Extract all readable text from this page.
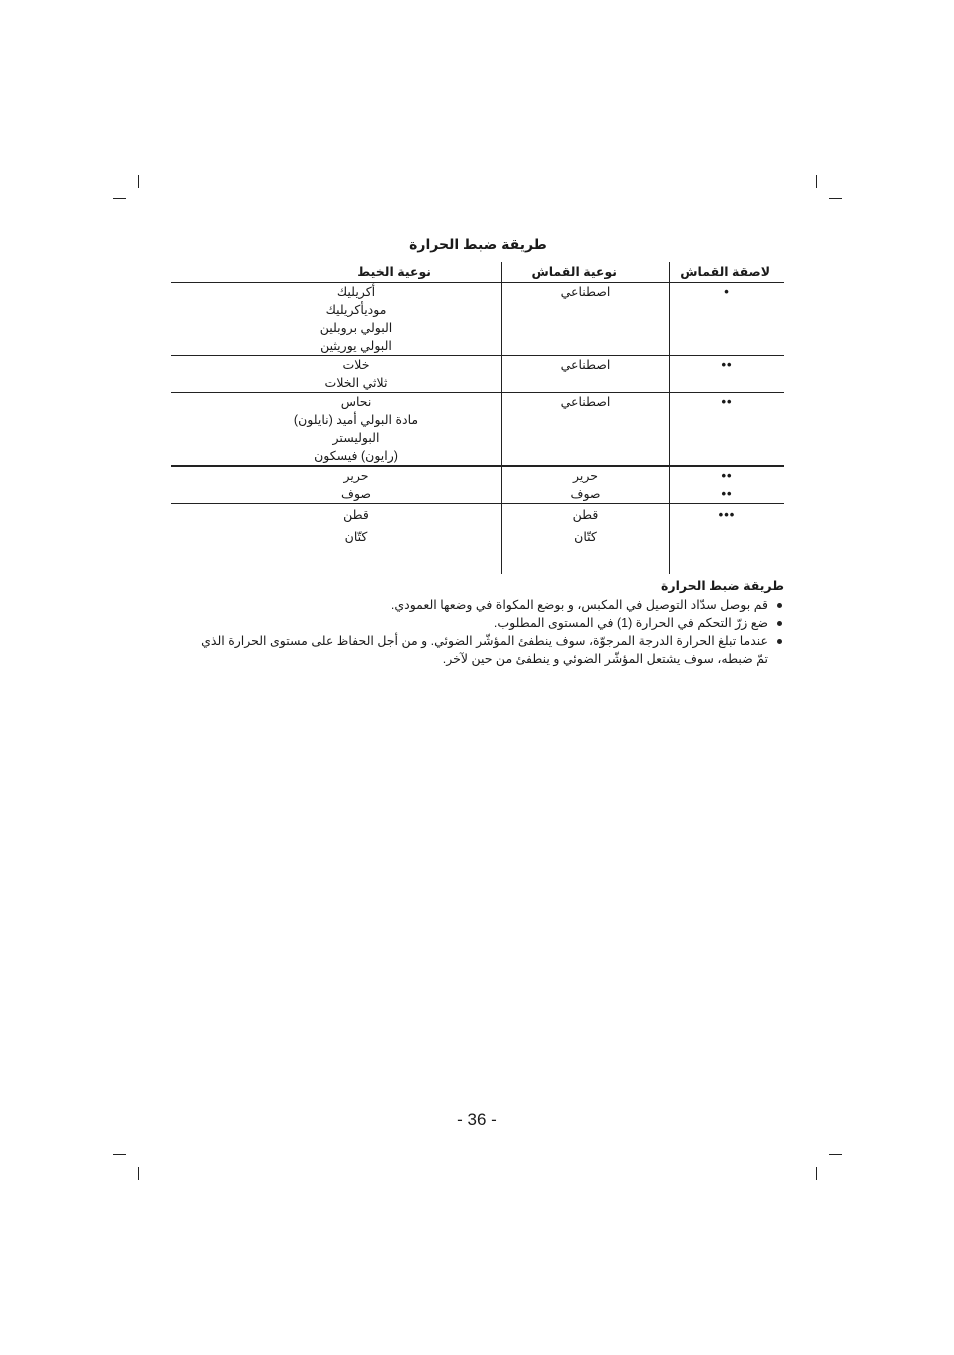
طريقة ضبط الحرارة
لاصقة القماش
نوعية القماش
نوعية الخيط
•
اصطناعي
أكريليك
موديأكريليك
البولي بروبلين
البولي يوريثين
••
اصطناعي
خلات
ثلاثي الخلات
••
اصطناعي
نحاس
مادة البولي أميد (نايلون)
البوليستر
(رايون) فيسكون
••
••
حرير
صوف
حرير
صوف
•••
قطن
كتّان
قطن
كتّان
طريقة ضبط الحرارة
قم بوصل سدّاد التوصيل في المكبس، و بوضع المكواة في وضعها العمودي.
ضع زرّ التحكم في الحرارة (1) في المستوى المطلوب.
عندما تبلغ الحرارة الدرجة المرجوّة، سوف ينطفئ المؤشّر الضوئي. و من أجل الحفاظ على مستوى الحرارة الذي تمّ ضبطه، سوف يشتعل المؤشّر الضوئي و ينطفئ من حين لآخر.
- 36 -
